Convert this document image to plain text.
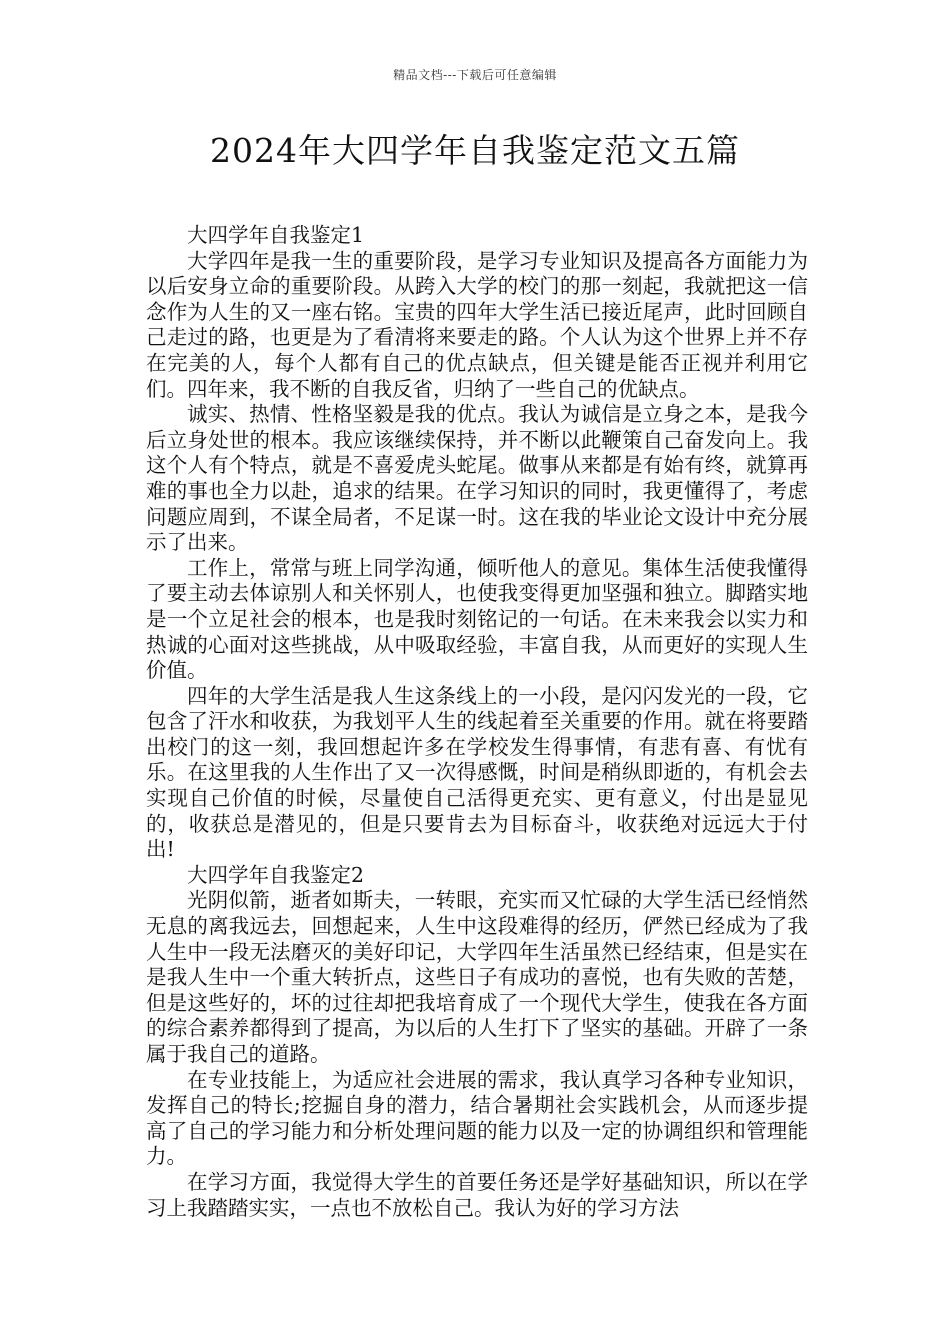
精品文档---下载后可任意编辑
2024年大四学年自我鉴定范文五篇

大四学年自我鉴定1

大学四年是我一生的重要阶段，是学习专业知识及提高各方面能力为以后安身立命的重要阶段。从跨入大学的校门的那一刻起，我就把这一信念作为人生的又一座右铭。宝贵的四年大学生活已接近尾声，此时回顾自己走过的路，也更是为了看清将来要走的路。个人认为这个世界上并不存在完美的人，每个人都有自己的优点缺点，但关键是能否正视并利用它们。四年来，我不断的自我反省，归纳了一些自己的优缺点。

诚实、热情、性格坚毅是我的优点。我认为诚信是立身之本，是我今后立身处世的根本。我应该继续保持，并不断以此鞭策自己奋发向上。我这个人有个特点，就是不喜爱虎头蛇尾。做事从来都是有始有终，就算再难的事也全力以赴，追求的结果。在学习知识的同时，我更懂得了，考虑问题应周到，不谋全局者，不足谋一时。这在我的毕业论文设计中充分展示了出来。

工作上，常常与班上同学沟通，倾听他人的意见。集体生活使我懂得了要主动去体谅别人和关怀别人，也使我变得更加坚强和独立。脚踏实地是一个立足社会的根本，也是我时刻铭记的一句话。在未来我会以实力和热诚的心面对这些挑战，从中吸取经验，丰富自我，从而更好的实现人生价值。

四年的大学生活是我人生这条线上的一小段，是闪闪发光的一段，它包含了汗水和收获，为我划平人生的线起着至关重要的作用。就在将要踏出校门的这一刻，我回想起许多在学校发生得事情，有悲有喜、有忧有乐。在这里我的人生作出了又一次得感慨，时间是稍纵即逝的，有机会去实现自己价值的时候，尽量使自己活得更充实、更有意义，付出是显见的，收获总是潜见的，但是只要肯去为目标奋斗，收获绝对远远大于付出!

大四学年自我鉴定2

光阴似箭，逝者如斯夫，一转眼，充实而又忙碌的大学生活已经悄然无息的离我远去，回想起来，人生中这段难得的经历，俨然已经成为了我人生中一段无法磨灭的美好印记，大学四年生活虽然已经结束，但是实在是我人生中一个重大转折点，这些日子有成功的喜悦，也有失败的苦楚，但是这些好的，坏的过往却把我培育成了一个现代大学生，使我在各方面的综合素养都得到了提高，为以后的人生打下了坚实的基础。开辟了一条属于我自己的道路。

在专业技能上，为适应社会进展的需求，我认真学习各种专业知识，发挥自己的特长;挖掘自身的潜力，结合暑期社会实践机会，从而逐步提高了自己的学习能力和分析处理问题的能力以及一定的协调组织和管理能力。

在学习方面，我觉得大学生的首要任务还是学好基础知识，所以在学习上我踏踏实实，一点也不放松自己。我认为好的学习方法
